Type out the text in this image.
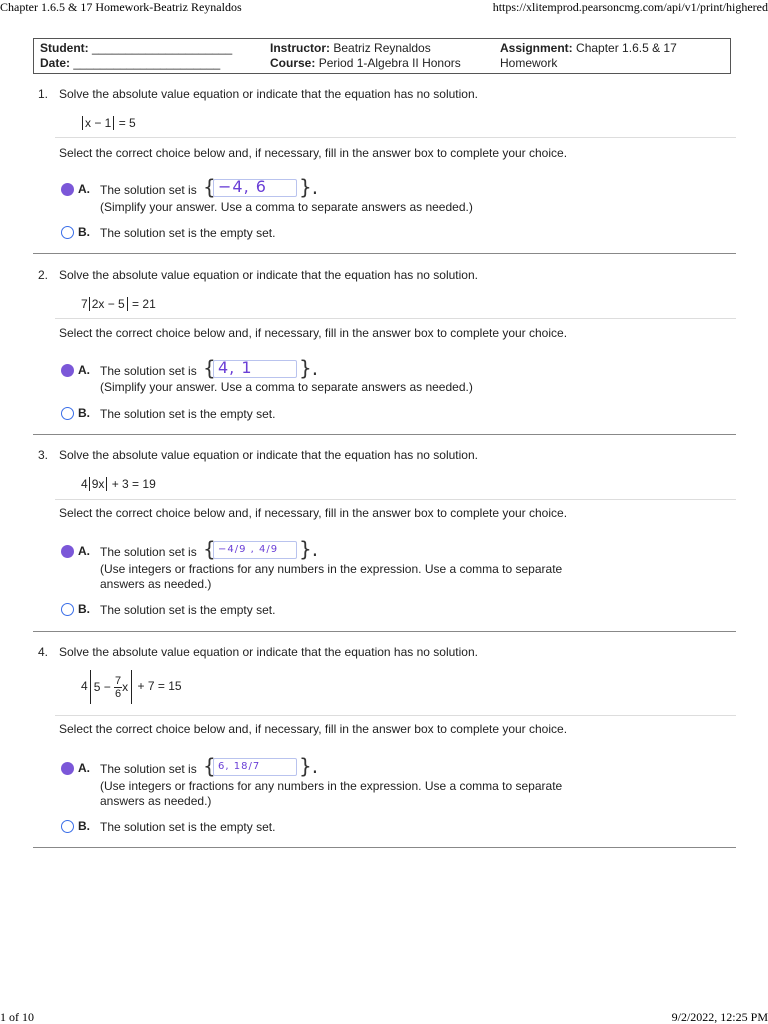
Chapter 1.6.5 & 17 Homework-Beatriz Reynaldos	https://xlitemprod.pearsoncmg.com/api/v1/print/highered
Student: _____________________
Date: ______________________
Instructor: Beatriz Reynaldos
Course: Period 1-Algebra II Honors
Assignment: Chapter 1.6.5 & 17
Homework
1. Solve the absolute value equation or indicate that the equation has no solution.
x − 1 = 5
Select the correct choice below and, if necessary, fill in the answer box to complete your choice.
A. The solution set is { −4, 6 }.
(Simplify your answer. Use a comma to separate answers as needed.)
B. The solution set is the empty set.
2. Solve the absolute value equation or indicate that the equation has no solution.
7 2x − 5 = 21
Select the correct choice below and, if necessary, fill in the answer box to complete your choice.
A. The solution set is { 4, 1 }.
(Simplify your answer. Use a comma to separate answers as needed.)
B. The solution set is the empty set.
3. Solve the absolute value equation or indicate that the equation has no solution.
4 9x + 3 = 19
Select the correct choice below and, if necessary, fill in the answer box to complete your choice.
A. The solution set is { −4/9 , 4/9 }.
(Use integers or fractions for any numbers in the expression. Use a comma to separate
answers as needed.)
B. The solution set is the empty set.
4. Solve the absolute value equation or indicate that the equation has no solution.
4 $5 - \frac{7}{6}$ x + 7 = 15
Select the correct choice below and, if necessary, fill in the answer box to complete your choice.
A. The solution set is { 6, 18/7 }.
(Use integers or fractions for any numbers in the expression. Use a comma to separate
answers as needed.)
B. The solution set is the empty set.
1 of 10	9/2/2022, 12:25 PM
